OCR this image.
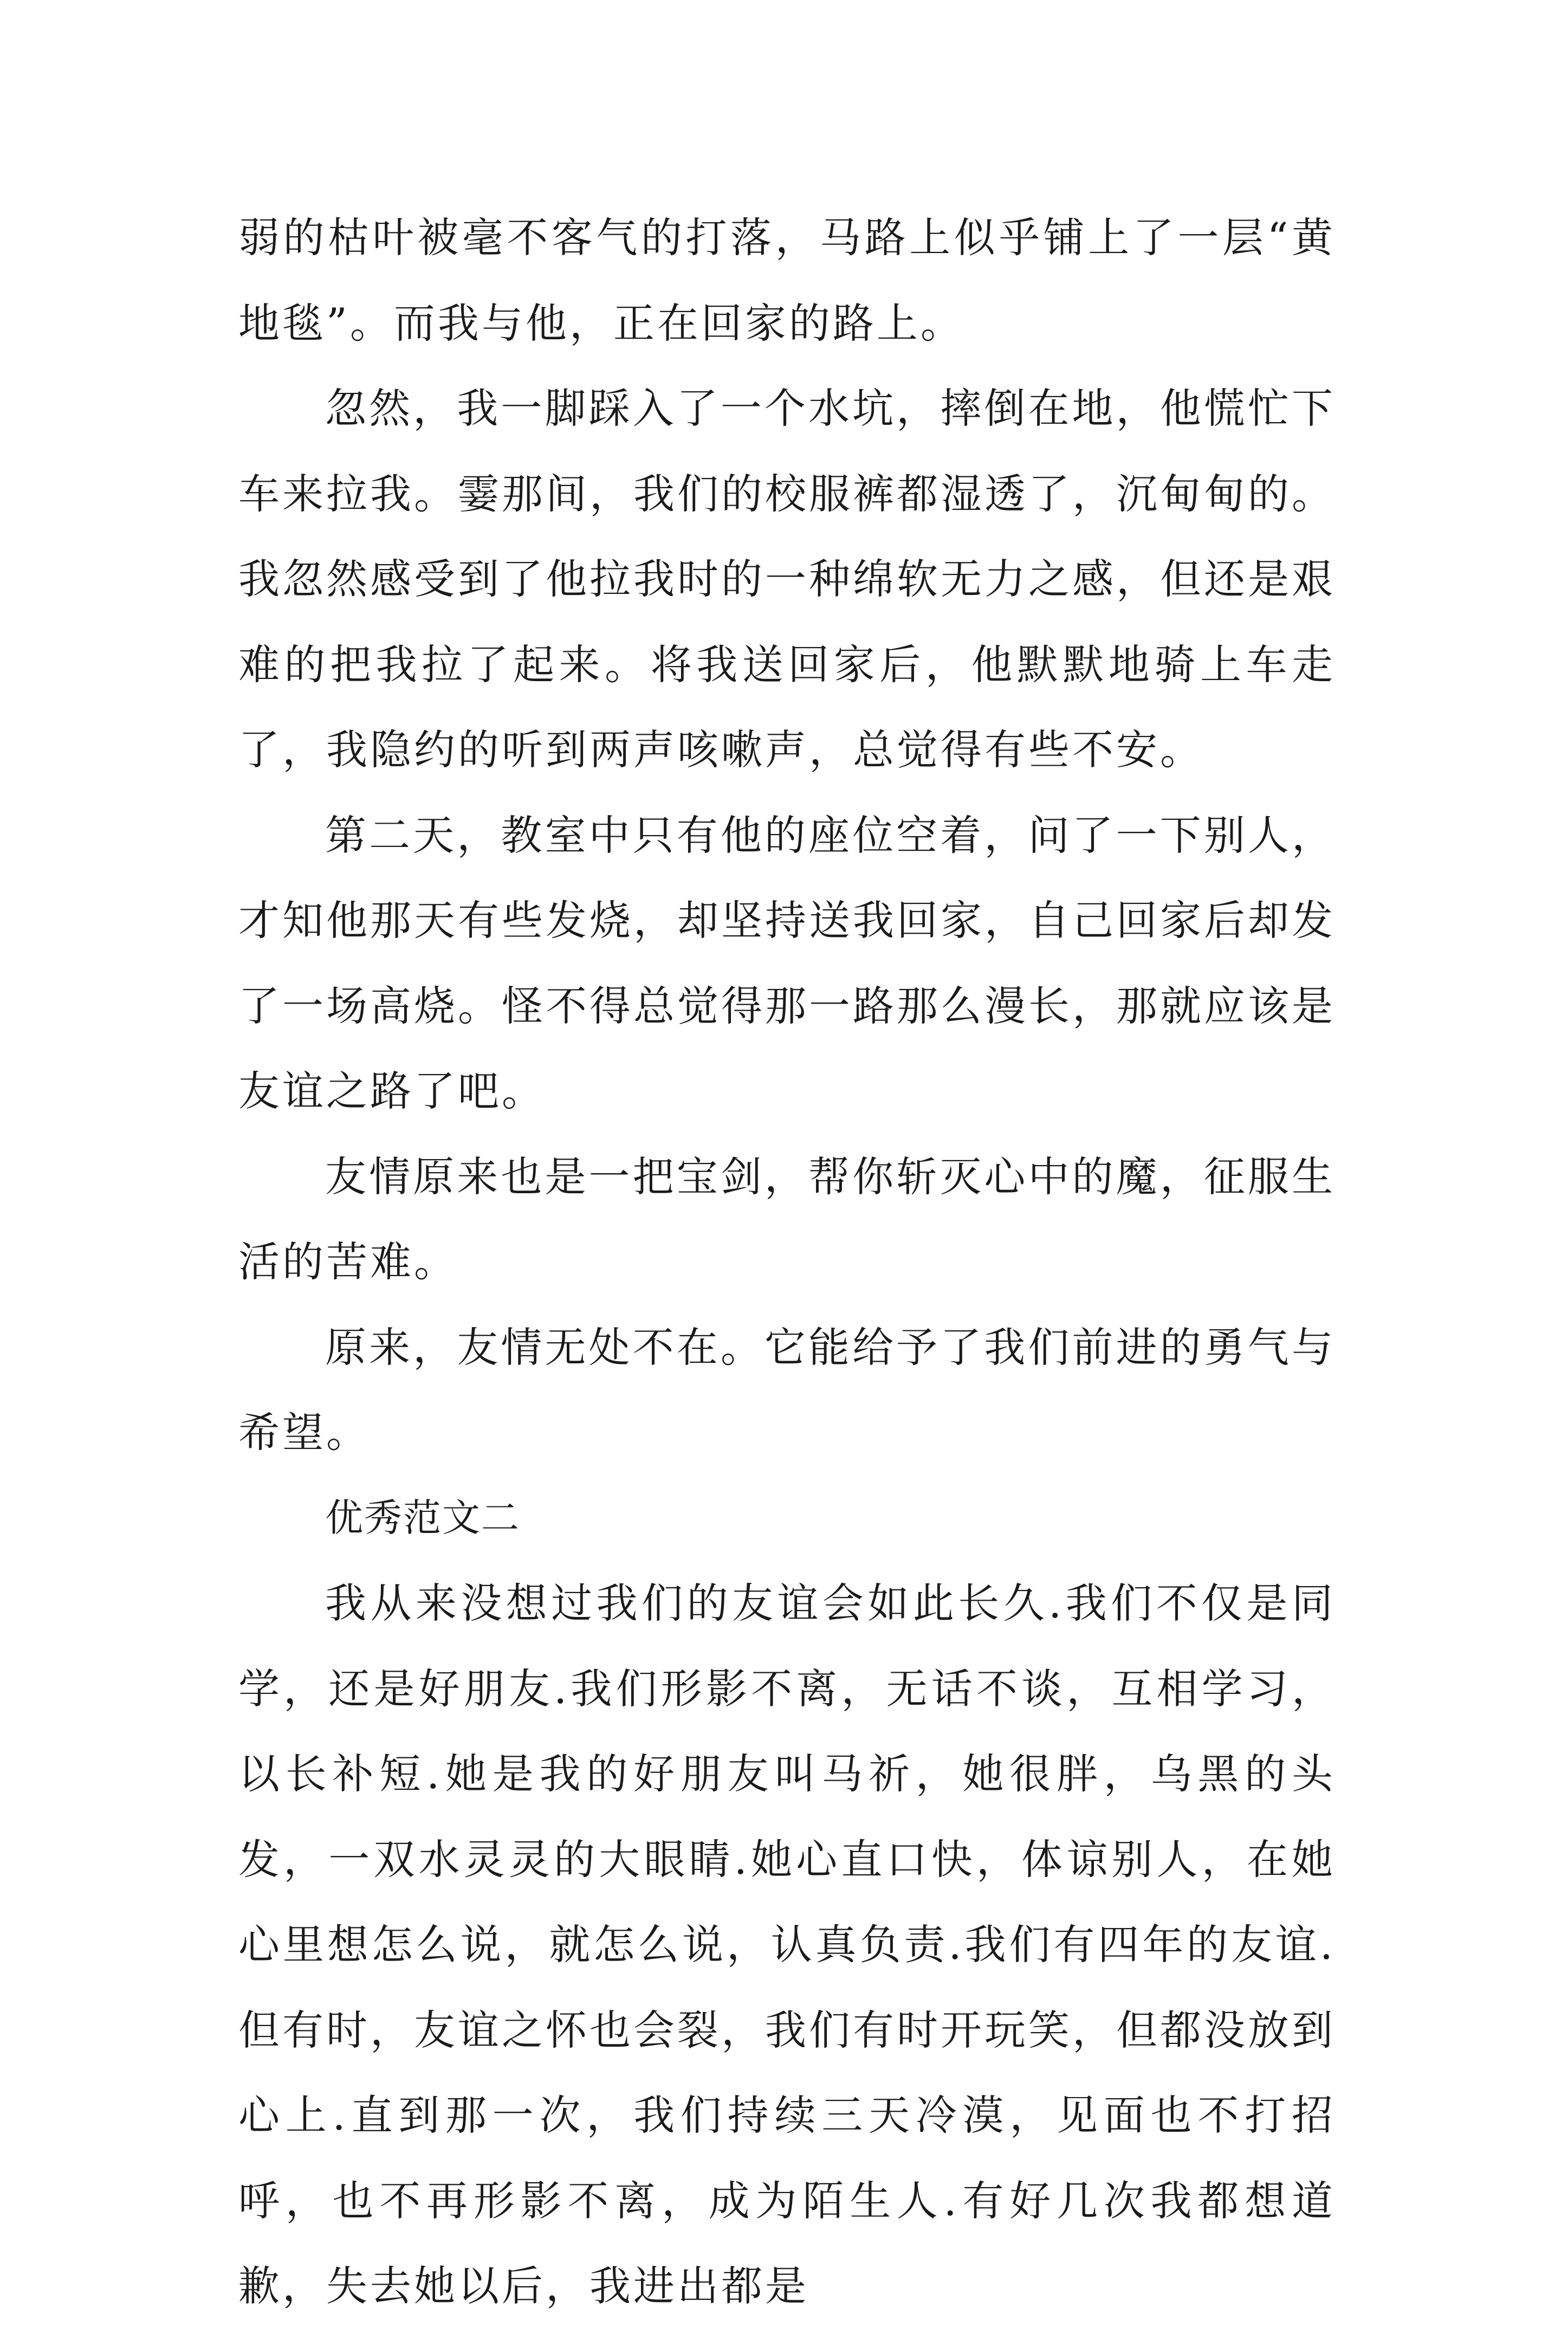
弱的枯叶被毫不客气的打落，马路上似乎铺上了一层“黄地毯”。而我与他，正在回家的路上。

忽然，我一脚踩入了一个水坑，摔倒在地，他慌忙下车来拉我。霎那间，我们的校服裤都湿透了，沉甸甸的。我忽然感受到了他拉我时的一种绵软无力之感，但还是艰难的把我拉了起来。将我送回家后，他默默地骑上车走了，我隐约的听到两声咳嗽声，总觉得有些不安。

第二天，教室中只有他的座位空着，问了一下别人，才知他那天有些发烧，却坚持送我回家，自己回家后却发了一场高烧。怪不得总觉得那一路那么漫长，那就应该是友谊之路了吧。

友情原来也是一把宝剑，帮你斩灭心中的魔，征服生活的苦难。

原来，友情无处不在。它能给予了我们前进的勇气与希望。

优秀范文二

我从来没想过我们的友谊会如此长久.我们不仅是同学，还是好朋友.我们形影不离，无话不谈，互相学习，以长补短.她是我的好朋友叫马祈，她很胖，乌黑的头发，一双水灵灵的大眼睛.她心直口快，体谅别人，在她心里想怎么说，就怎么说，认真负责.我们有四年的友谊.但有时，友谊之怀也会裂，我们有时开玩笑，但都没放到心上.直到那一次，我们持续三天冷漠，见面也不打招呼，也不再形影不离，成为陌生人.有好几次我都想道歉，失去她以后，我进出都是
